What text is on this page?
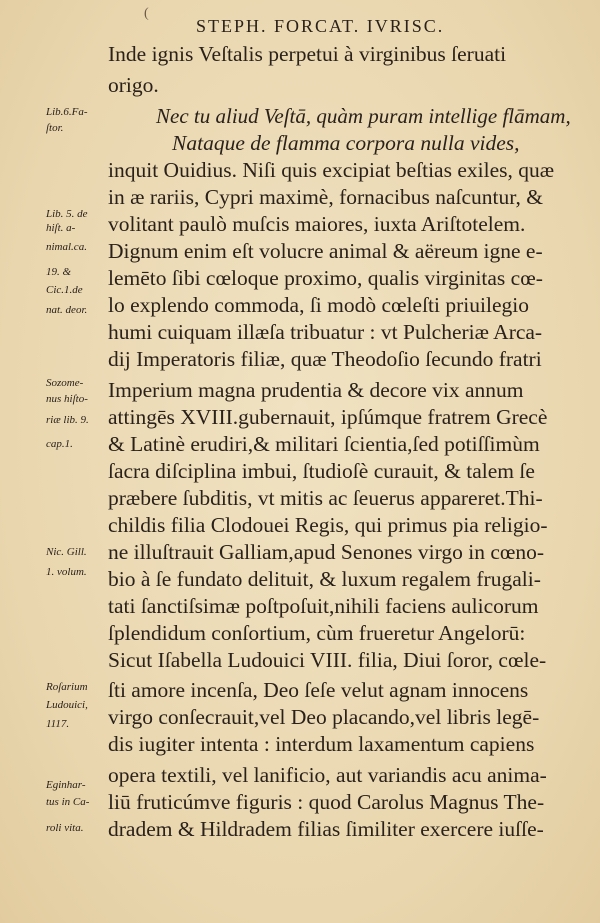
(
STEPH. FORCAT. IVRISC.
Inde ignis Veſtalis perpetui à virginibus ſeruati
origo.
Nec tu aliud Veſtā, quàm puram intellige flāmam,
Nataque de flamma corpora nulla vides,
inquit Ouidius. Niſi quis excipiat beſtias exiles, quæ
in æ rariis, Cypri maximè, fornacibus naſcuntur, &
volitant paulò muſcis maiores, iuxta Ariſtotelem.
Dignum enim eſt volucre animal & aëreum igne e-
lemēto ſibi cœloque proximo, qualis virginitas cœ-
lo explendo commoda, ſi modò cœleſti priuilegio
humi cuiquam illæſa tribuatur : vt Pulcheriæ Arca-
dij Imperatoris filiæ, quæ Theodoſio ſecundo fratri
Imperium magna prudentia & decore vix annum
attingēs XVIII.gubernauit, ipſúmque fratrem Grecè
& Latinè erudiri,& militari ſcientia,ſed potiſſimùm
ſacra diſciplina imbui, ſtudioſè curauit, & talem ſe
præbere ſubditis, vt mitis ac ſeuerus appareret.Thi-
childis filia Clodouei Regis, qui primus pia religio-
ne illuſtrauit Galliam,apud Senones virgo in cœno-
bio à ſe fundato delituit, & luxum regalem frugali-
tati ſanctiſsimæ poſtpoſuit,nihili faciens aulicorum
ſplendidum conſortium, cùm frueretur Angelorū:
Sicut Iſabella Ludouici VIII. filia, Diui ſoror, cœle-
ſti amore incenſa, Deo ſeſe velut agnam innocens
virgo conſecrauit,vel Deo placando,vel libris legē-
dis iugiter intenta : interdum laxamentum capiens
opera textili, vel lanificio, aut variandis acu anima-
liū fruticúmve figuris : quod Carolus Magnus The-
dradem & Hildradem filias ſimiliter exercere iuſſe-
Lib.6.Fa-
ſtor.
Lib. 5. de
hiſt. a-
nimal.ca.
19. &
Cic.1.de
nat. deor.
Sozome-
nus hiſto-
riæ lib. 9.
cap.1.
Nic. Gill.
1. volum.
Roſarium
Ludouici,
1117.
Eginhar-
tus in Ca-
roli vita.
